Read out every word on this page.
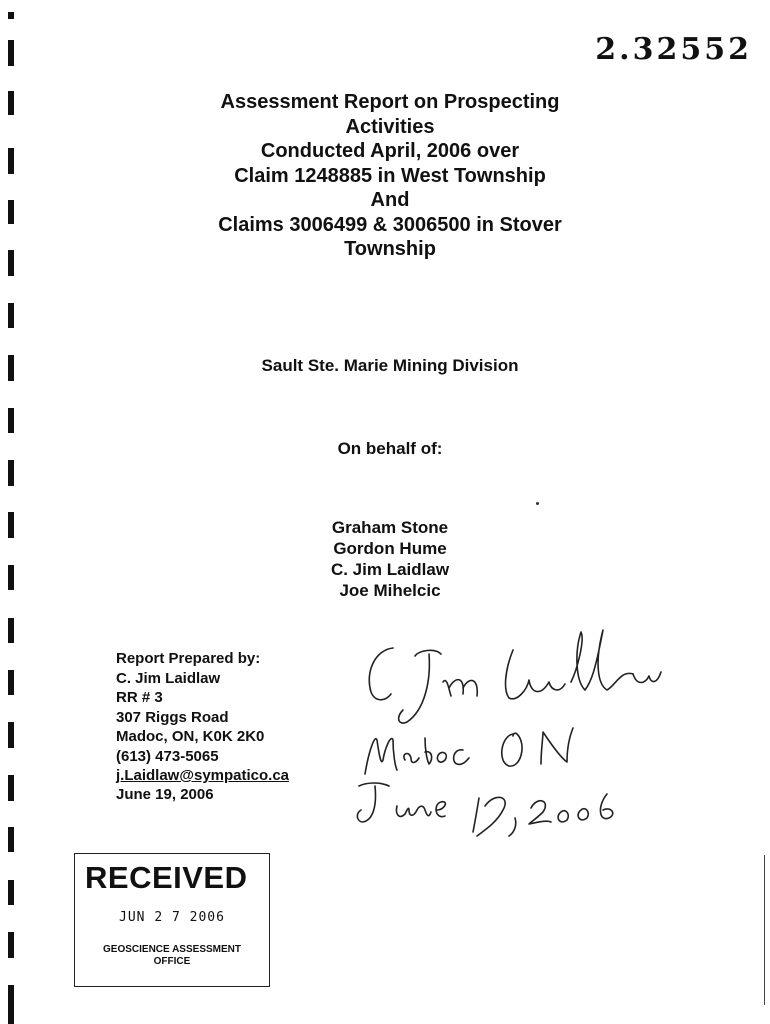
2.32552
Assessment Report on Prospecting
Activities
Conducted April, 2006 over
Claim 1248885 in West Township
And
Claims 3006499 & 3006500 in Stover
Township
Sault Ste. Marie Mining Division
On behalf of:
Graham Stone
Gordon Hume
C. Jim Laidlaw
Joe Mihelcic
Report Prepared by:
C. Jim Laidlaw
RR # 3
307 Riggs Road
Madoc, ON, K0K 2K0
(613) 473-5065
j.Laidlaw@sympatico.ca
June 19, 2006
RECEIVED
JUN 2 7 2006
GEOSCIENCE ASSESSMENT
OFFICE
